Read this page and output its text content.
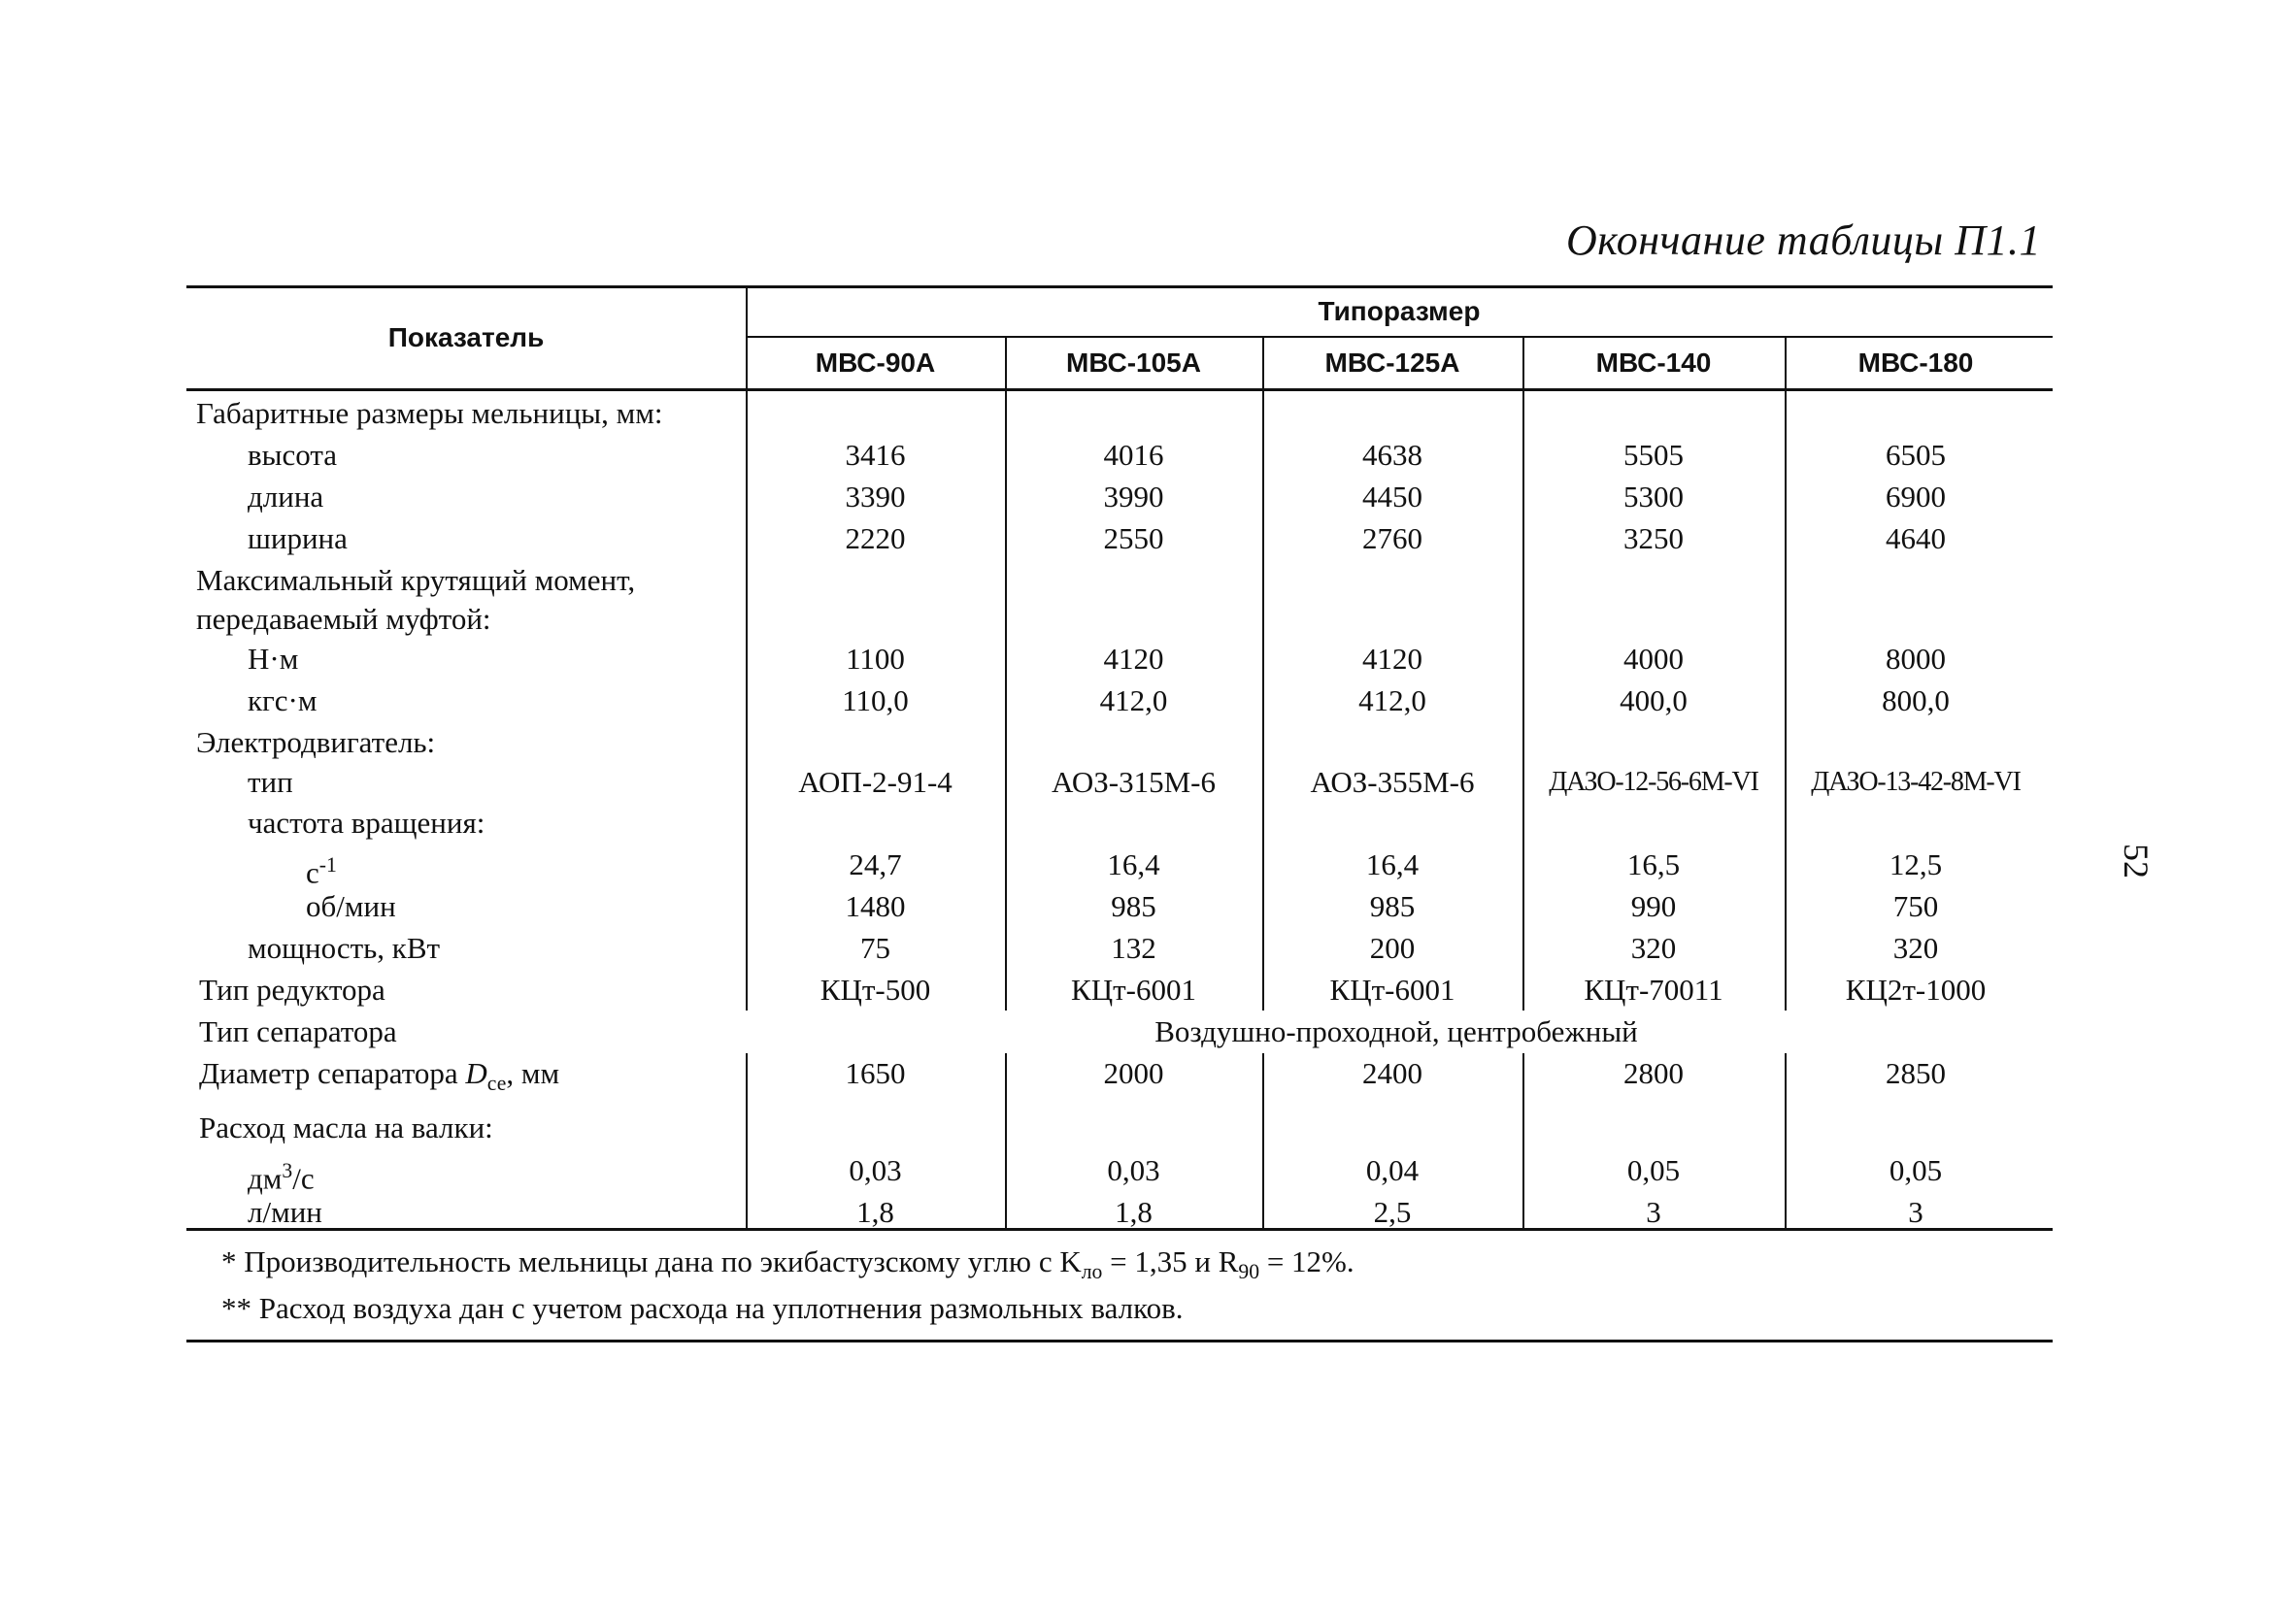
Окончание таблицы П1.1
52
Показатель
Типоразмер
МВС-90А	МВС-105А	МВС-125А	МВС-140	МВС-180
Габаритные размеры мельницы, мм:
высота	3416	4016	4638	5505	6505
длина	3390	3990	4450	5300	6900
ширина	2220	2550	2760	3250	4640
Максимальный крутящий момент,
передаваемый муфтой:
Н·м	1100	4120	4120	4000	8000
кгс·м	110,0	412,0	412,0	400,0	800,0
Электродвигатель:
тип	АОП-2-91-4	АОЗ-315М-6	АОЗ-355М-6	ДАЗО-12-56-6М-VI	ДАЗО-13-42-8М-VI
частота вращения:
$с^{-1}$	24,7	16,4	16,4	16,5	12,5
об/мин	1480	985	985	990	750
мощность, кВт	75	132	200	320	320
Тип редуктора	КЦт-500	КЦт-6001	КЦт-6001	КЦт-70011	КЦ2т-1000
Тип сепаратора	Воздушно-проходной, центробежный
Диаметр сепаратора $D_{се}$, мм	1650	2000	2400	2800	2850
Расход масла на валки:
$дм^3/с$	0,03	0,03	0,04	0,05	0,05
л/мин	1,8	1,8	2,5	3	3
* Производительность мельницы дана по экибастузскому углю с $K_{ло} = 1,35$ и $R_{90} = 12\%$.
** Расход воздуха дан с учетом расхода на уплотнения размольных валков.
